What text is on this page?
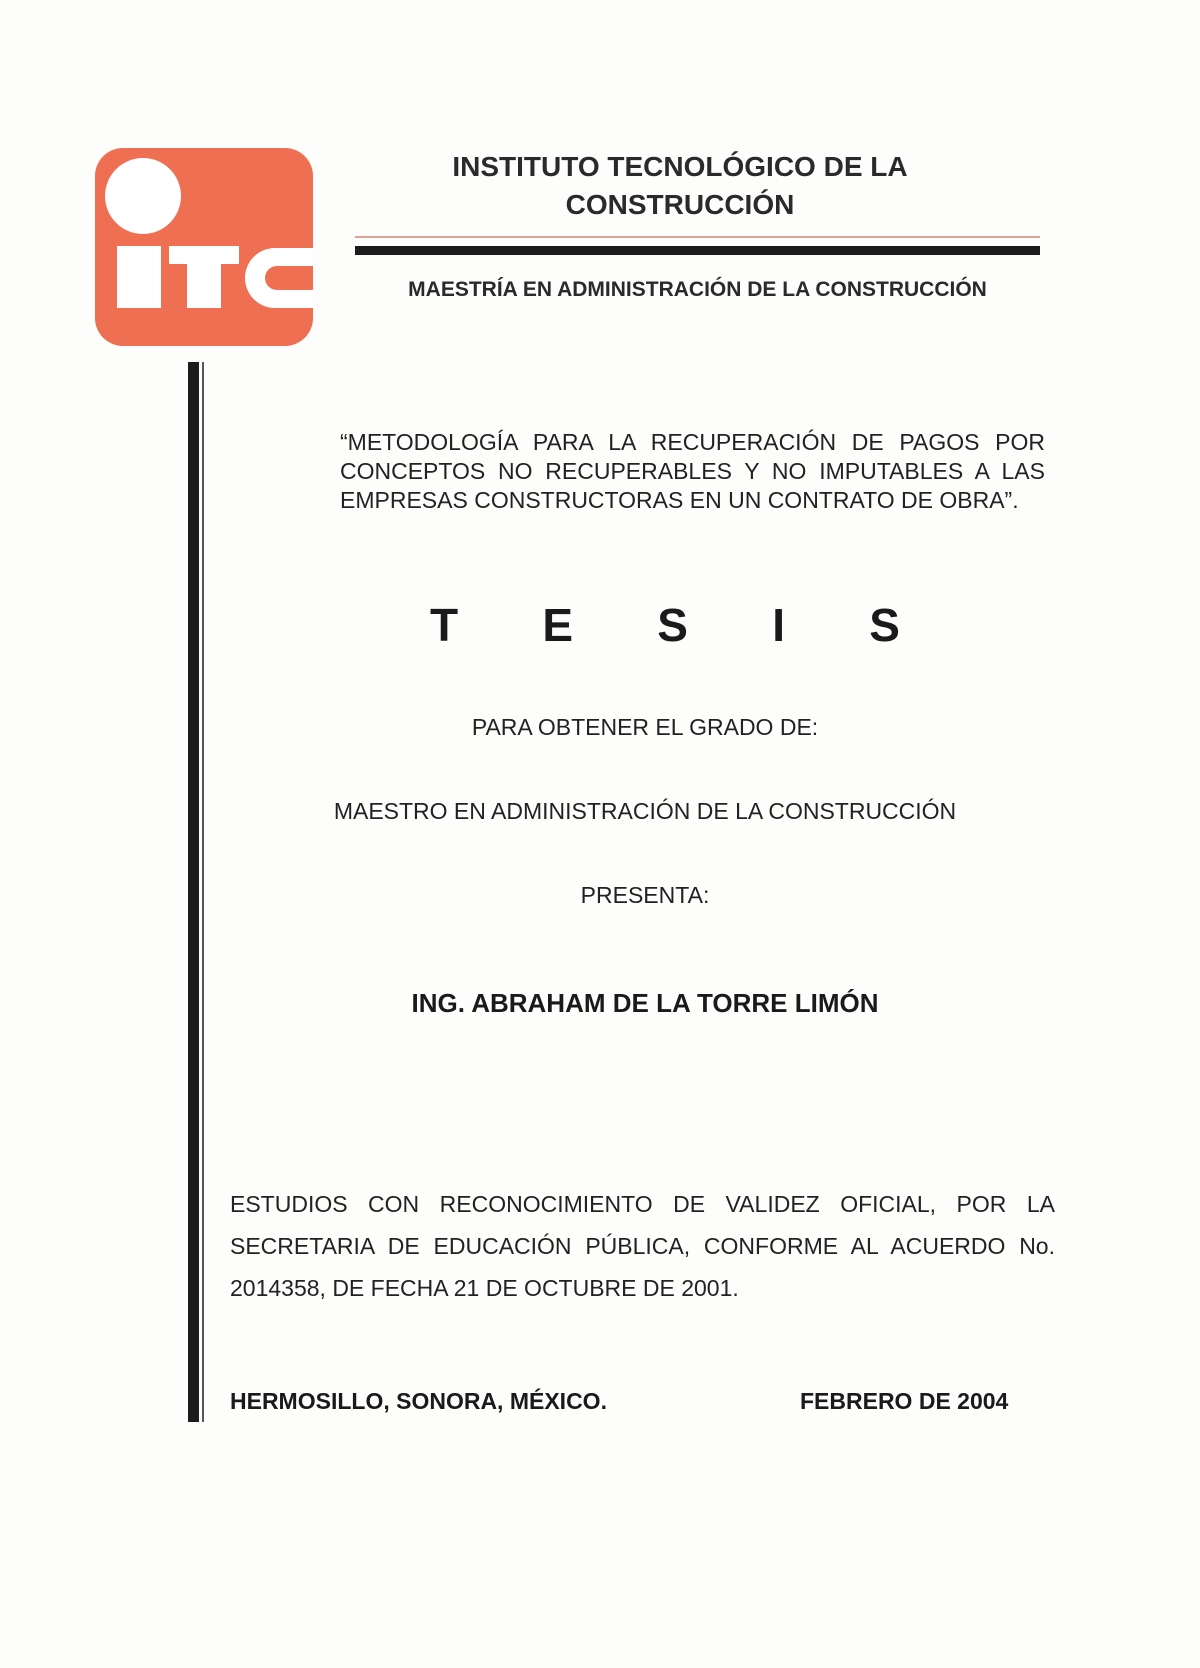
INSTITUTO TECNOLÓGICO DE LA
CONSTRUCCIÓN
MAESTRÍA EN ADMINISTRACIÓN DE LA CONSTRUCCIÓN
“METODOLOGÍA PARA LA RECUPERACIÓN DE PAGOS POR CONCEPTOS NO RECUPERABLES Y NO IMPUTABLES A LAS EMPRESAS CONSTRUCTORAS EN UN CONTRATO DE OBRA”.
T E S I S
PARA OBTENER EL GRADO DE:
MAESTRO EN ADMINISTRACIÓN DE LA CONSTRUCCIÓN
PRESENTA:
ING. ABRAHAM DE LA TORRE LIMÓN
ESTUDIOS CON RECONOCIMIENTO DE VALIDEZ OFICIAL, POR LA SECRETARIA DE EDUCACIÓN PÚBLICA, CONFORME AL ACUERDO No. 2014358, DE FECHA 21 DE OCTUBRE DE 2001.
HERMOSILLO, SONORA, MÉXICO.	FEBRERO DE 2004
